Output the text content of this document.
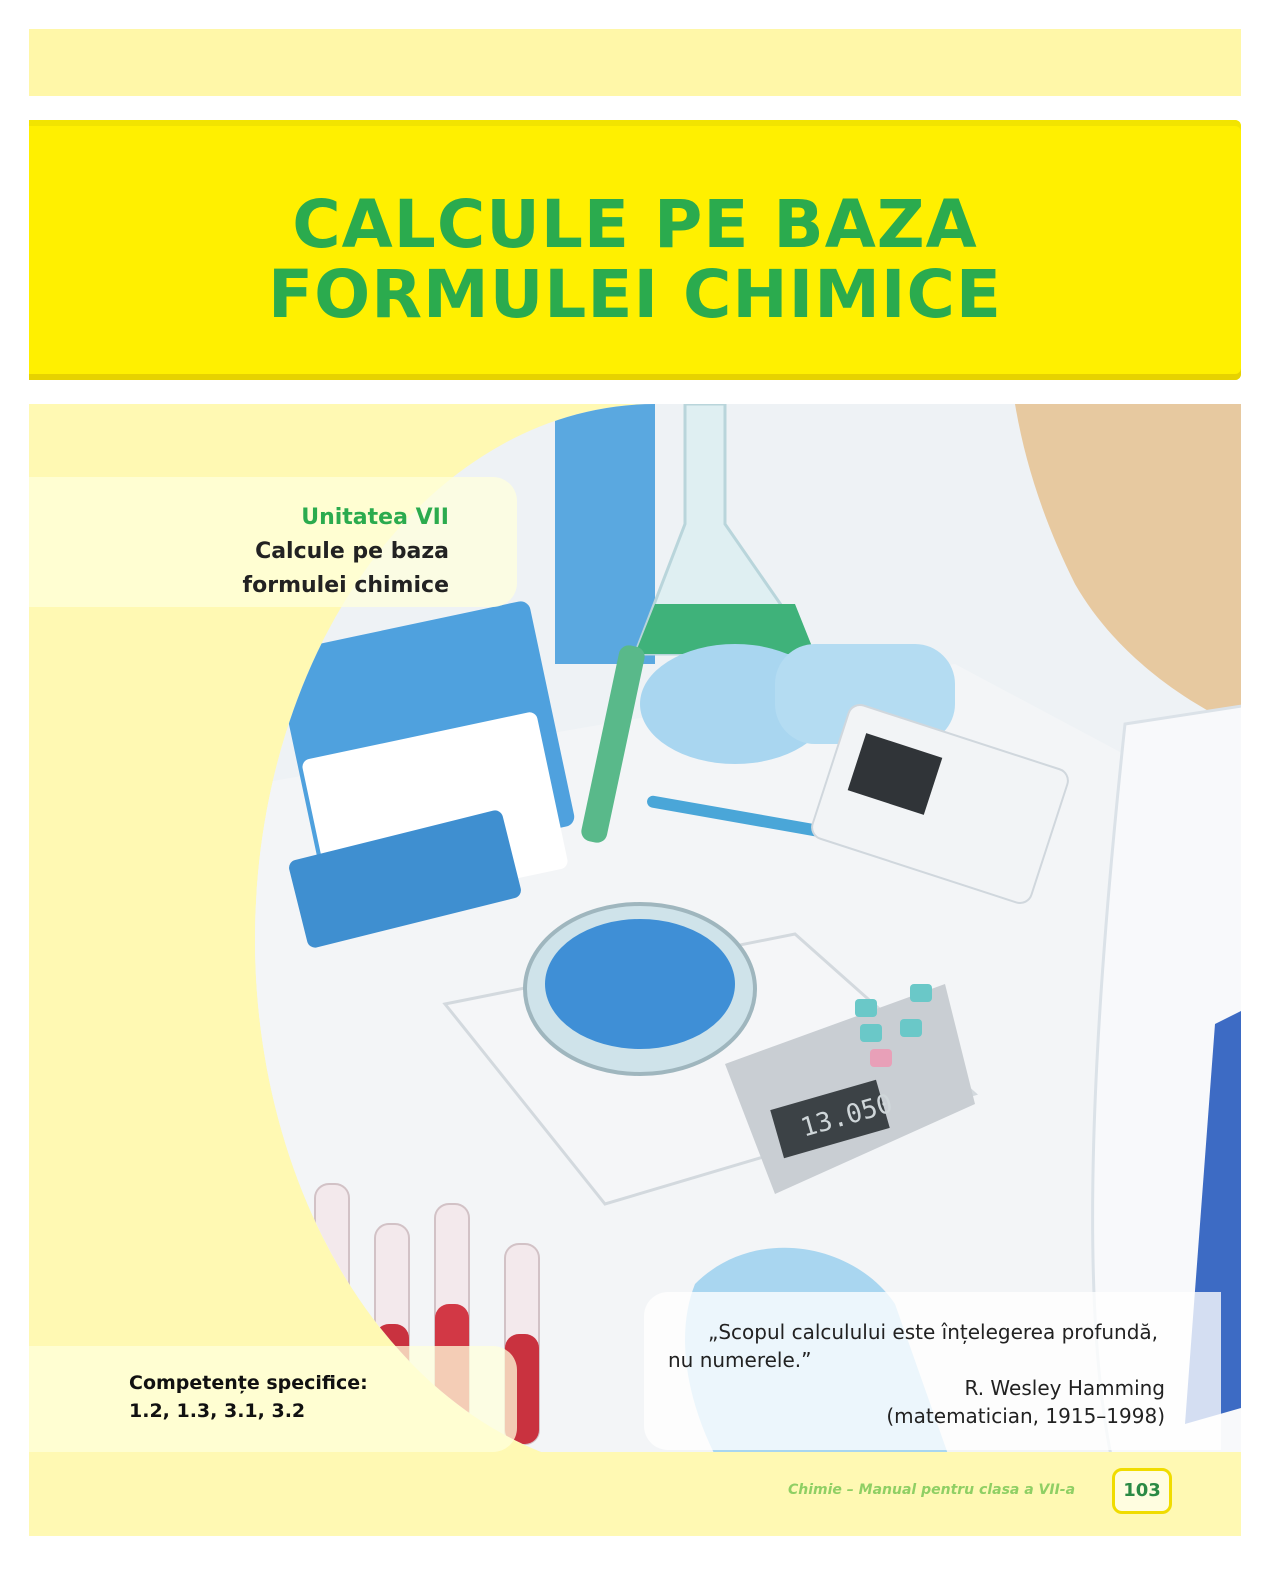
CALCULE PE BAZA
FORMULEI CHIMICE
13.050
Unitatea VII
Calcule pe baza
formulei chimice
Competențe specifice:
1.2, 1.3, 3.1, 3.2
„Scopul calculului este înțelegerea profundă, nu numerele.”
R. Wesley Hamming
(matematician, 1915–1998)
Chimie – Manual pentru clasa a VII-a	103
